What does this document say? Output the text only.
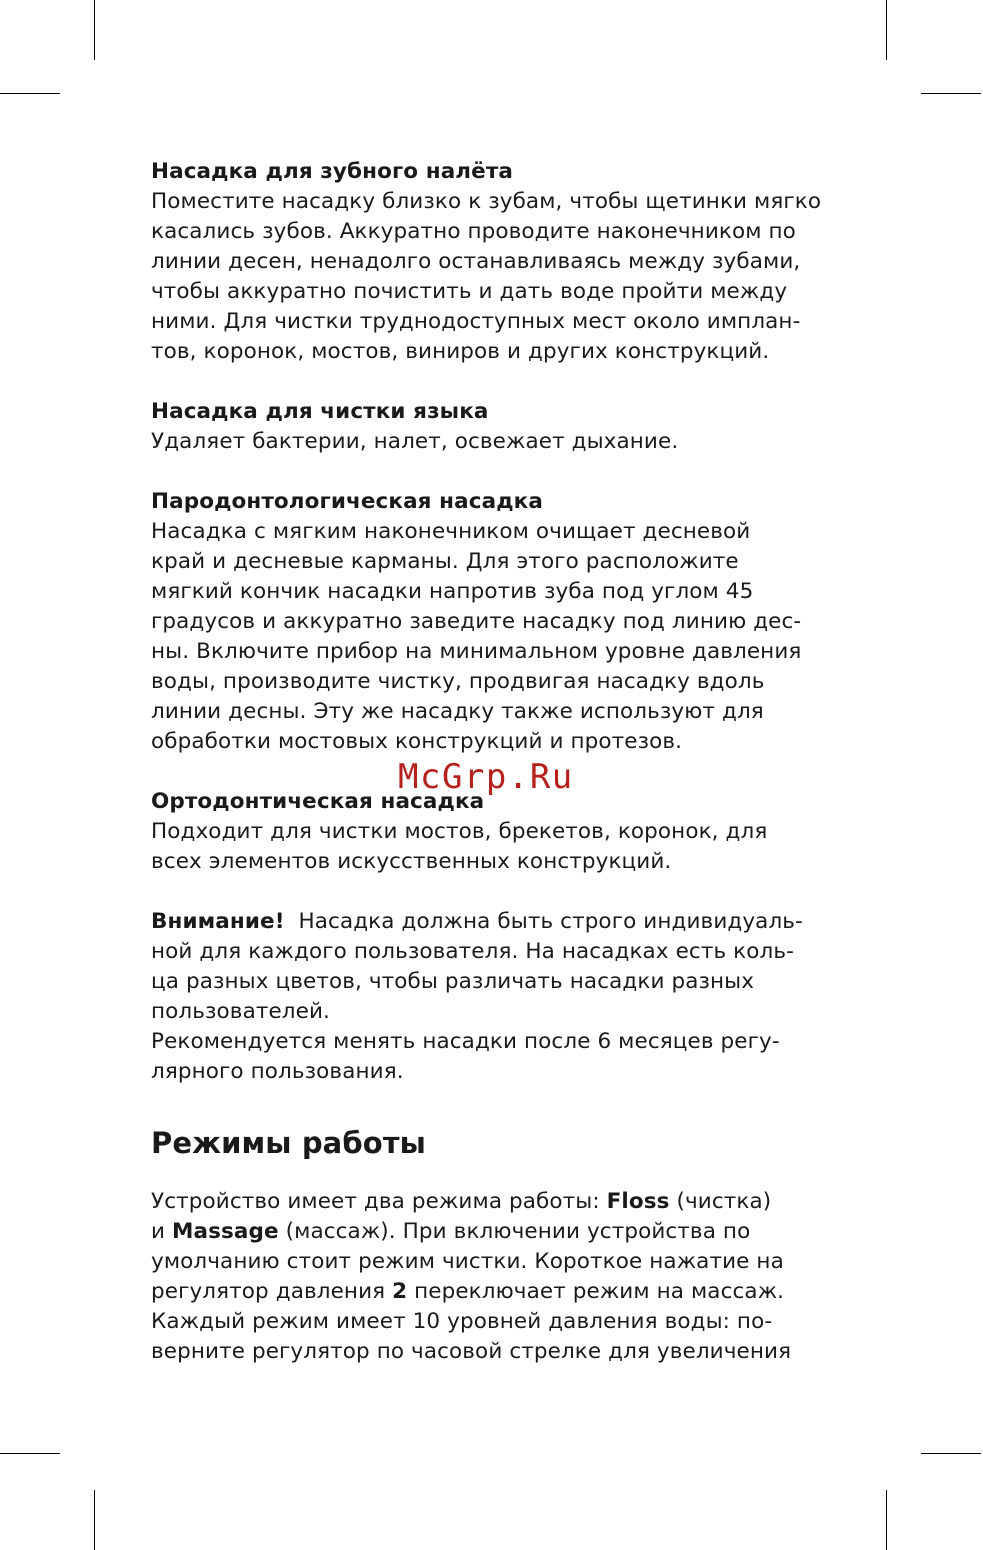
Насадка для зубного налёта
Поместите насадку близко к зубам, чтобы щетинки мягко
касались зубов. Аккуратно проводите наконечником по
линии десен, ненадолго останавливаясь между зубами,
чтобы аккуратно почистить и дать воде пройти между
ними. Для чистки труднодоступных мест около имплан-
тов, коронок, мостов, виниров и других конструкций.
Насадка для чистки языка
Удаляет бактерии, налет, освежает дыхание.
Пародонтологическая насадка
Насадка с мягким наконечником очищает десневой
край и десневые карманы. Для этого расположите
мягкий кончик насадки напротив зуба под углом 45
градусов и аккуратно заведите насадку под линию дес-
ны. Включите прибор на минимальном уровне давления
воды, производите чистку, продвигая насадку вдоль
линии десны. Эту же насадку также используют для
обработки мостовых конструкций и протезов.
Ортодонтическая насадка
Подходит для чистки мостов, брекетов, коронок, для
всех элементов искусственных конструкций.
Внимание! Насадка должна быть строго индивидуаль-
ной для каждого пользователя. На насадках есть коль-
ца разных цветов, чтобы различать насадки разных
пользователей.
Рекомендуется менять насадки после 6 месяцев регу-
лярного пользования.
Режимы работы
Устройство имеет два режима работы: Floss (чистка)
и Massage (массаж). При включении устройства по
умолчанию стоит режим чистки. Короткое нажатие на
регулятор давления 2 переключает режим на массаж.
Каждый режим имеет 10 уровней давления воды: по-
верните регулятор по часовой стрелке для увеличения
McGrp.Ru
